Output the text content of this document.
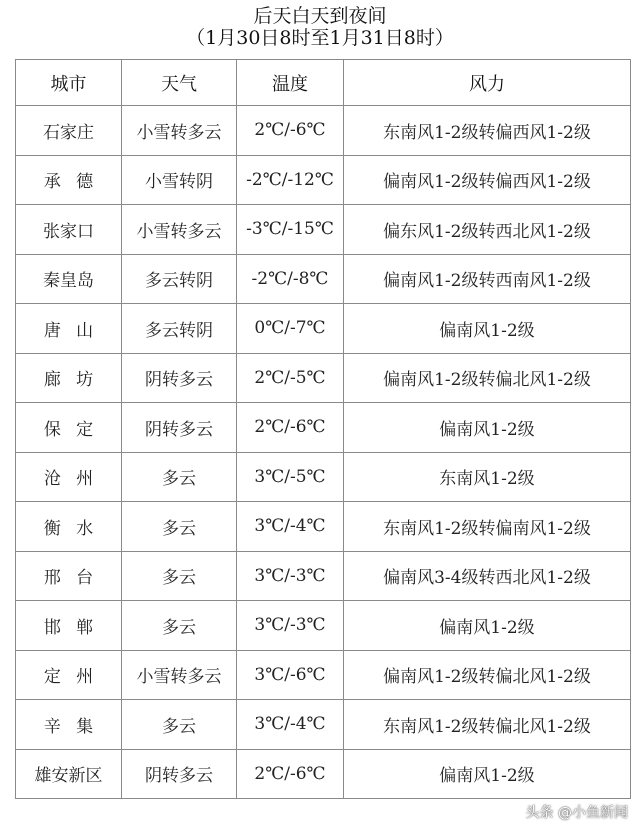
后天白天到夜间
（1月30日8时至1月31日8时）
城市	天气	温度	风力
石家庄	小雪转多云	2℃/-6℃	东南风1-2级转偏西风1-2级
承德	小雪转阴	-2℃/-12℃	偏南风1-2级转偏西风1-2级
张家口	小雪转多云	-3℃/-15℃	偏东风1-2级转西北风1-2级
秦皇岛	多云转阴	-2℃/-8℃	偏南风1-2级转西南风1-2级
唐山	多云转阴	0℃/-7℃	偏南风1-2级
廊坊	阴转多云	2℃/-5℃	偏南风1-2级转偏北风1-2级
保定	阴转多云	2℃/-6℃	偏南风1-2级
沧州	多云	3℃/-5℃	东南风1-2级
衡水	多云	3℃/-4℃	东南风1-2级转偏南风1-2级
邢台	多云	3℃/-3℃	偏南风3-4级转西北风1-2级
邯郸	多云	3℃/-3℃	偏南风1-2级
定州	小雪转多云	3℃/-6℃	偏南风1-2级转偏北风1-2级
辛集	多云	3℃/-4℃	东南风1-2级转偏北风1-2级
雄安新区	阴转多云	2℃/-6℃	偏南风1-2级
头条 @小鱼新闻
